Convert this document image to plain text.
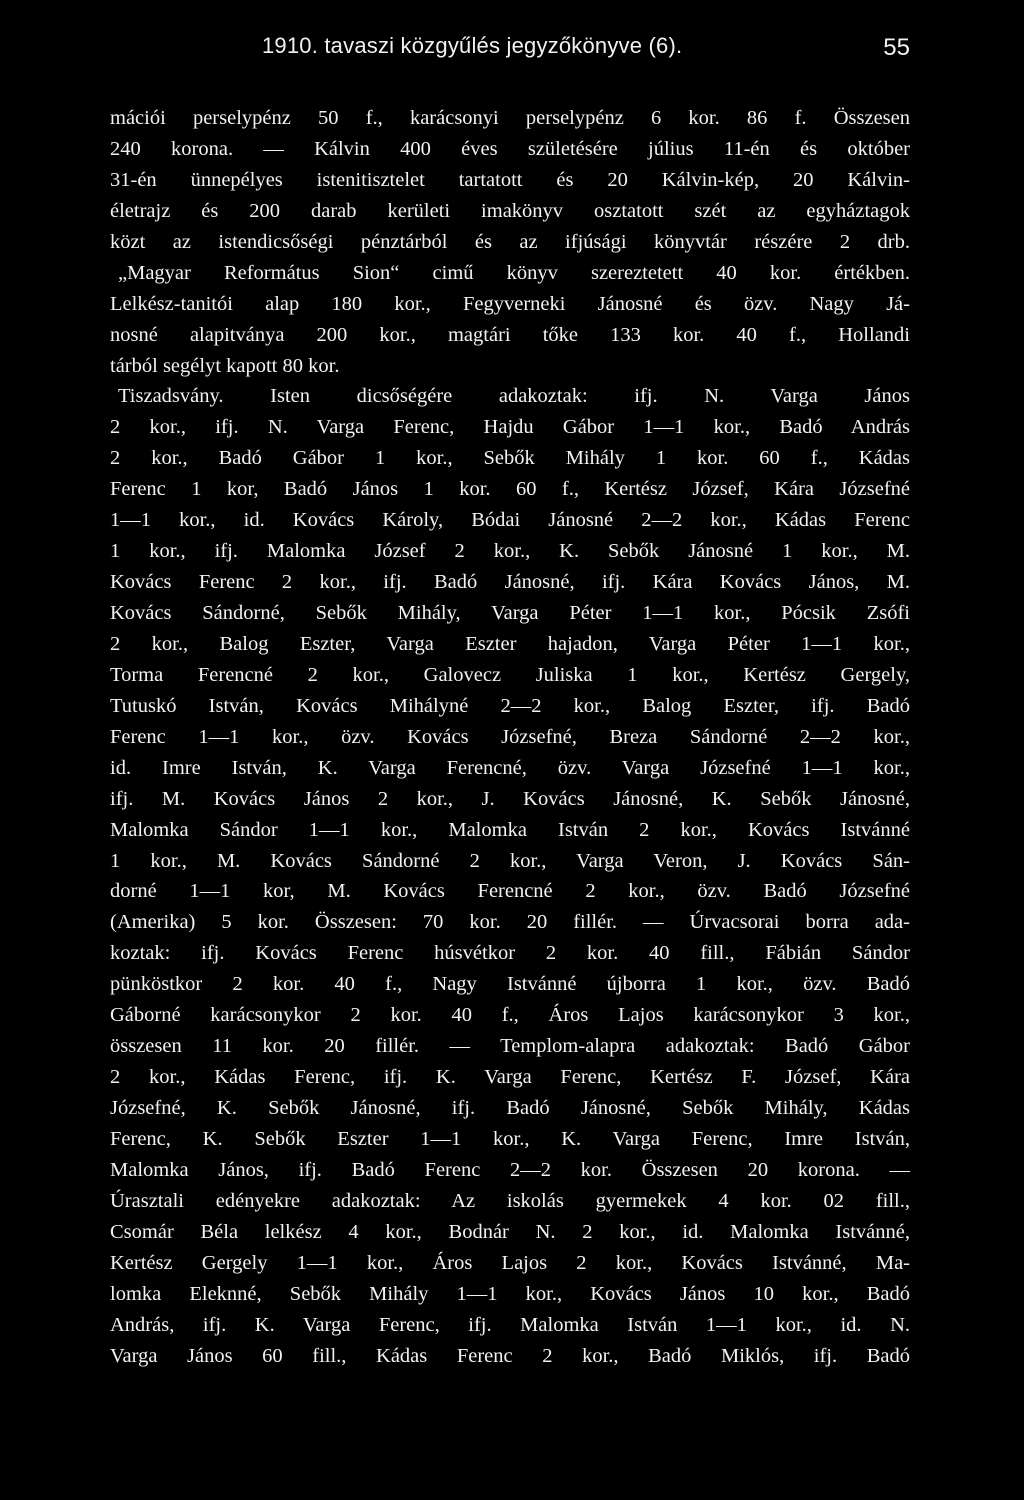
1910. tavaszi közgyűlés jegyzőkönyve (6).	55
mációi perselypénz 50 f., karácsonyi perselypénz 6 kor. 86 f. Összesen
240 korona. — Kálvin 400 éves születésére július 11-én és október
31-én ünnepélyes istenitisztelet tartatott és 20 Kálvin-kép, 20 Kálvin-
életrajz és 200 darab kerületi imakönyv osztatott szét az egyháztagok
közt az istendicsőségi pénztárból és az ifjúsági könyvtár részére 2 drb.
„Magyar Református Sion“ cimű könyv szereztetett 40 kor. értékben.
Lelkész-tanitói alap 180 kor., Fegyverneki Jánosné és özv. Nagy Já-
nosné alapitványa 200 kor., magtári tőke 133 kor. 40 f., Hollandi
tárból segélyt kapott 80 kor.
Tiszadsvány. Isten dicsőségére adakoztak: ifj. N. Varga János
2 kor., ifj. N. Varga Ferenc, Hajdu Gábor 1—1 kor., Badó András
2 kor., Badó Gábor 1 kor., Sebők Mihály 1 kor. 60 f., Kádas
Ferenc 1 kor, Badó János 1 kor. 60 f., Kertész József, Kára Józsefné
1—1 kor., id. Kovács Károly, Bódai Jánosné 2—2 kor., Kádas Ferenc
1 kor., ifj. Malomka József 2 kor., K. Sebők Jánosné 1 kor., M.
Kovács Ferenc 2 kor., ifj. Badó Jánosné, ifj. Kára Kovács János, M.
Kovács Sándorné, Sebők Mihály, Varga Péter 1—1 kor., Pócsik Zsófi
2 kor., Balog Eszter, Varga Eszter hajadon, Varga Péter 1—1 kor.,
Torma Ferencné 2 kor., Galovecz Juliska 1 kor., Kertész Gergely,
Tutuskó István, Kovács Mihályné 2—2 kor., Balog Eszter, ifj. Badó
Ferenc 1—1 kor., özv. Kovács Józsefné, Breza Sándorné 2—2 kor.,
id. Imre István, K. Varga Ferencné, özv. Varga Józsefné 1—1 kor.,
ifj. M. Kovács János 2 kor., J. Kovács Jánosné, K. Sebők Jánosné,
Malomka Sándor 1—1 kor., Malomka István 2 kor., Kovács Istvánné
1 kor., M. Kovács Sándorné 2 kor., Varga Veron, J. Kovács Sán-
dorné 1—1 kor, M. Kovács Ferencné 2 kor., özv. Badó Józsefné
(Amerika) 5 kor. Összesen: 70 kor. 20 fillér. — Úrvacsorai borra ada-
koztak: ifj. Kovács Ferenc húsvétkor 2 kor. 40 fill., Fábián Sándor
pünköstkor 2 kor. 40 f., Nagy Istvánné újborra 1 kor., özv. Badó
Gáborné karácsonykor 2 kor. 40 f., Áros Lajos karácsonykor 3 kor.,
összesen 11 kor. 20 fillér. — Templom-alapra adakoztak: Badó Gábor
2 kor., Kádas Ferenc, ifj. K. Varga Ferenc, Kertész F. József, Kára
Józsefné, K. Sebők Jánosné, ifj. Badó Jánosné, Sebők Mihály, Kádas
Ferenc, K. Sebők Eszter 1—1 kor., K. Varga Ferenc, Imre István,
Malomka János, ifj. Badó Ferenc 2—2 kor. Összesen 20 korona. —
Úrasztali edényekre adakoztak: Az iskolás gyermekek 4 kor. 02 fill.,
Csomár Béla lelkész 4 kor., Bodnár N. 2 kor., id. Malomka Istvánné,
Kertész Gergely 1—1 kor., Áros Lajos 2 kor., Kovács Istvánné, Ma-
lomka Eleknné, Sebők Mihály 1—1 kor., Kovács János 10 kor., Badó
András, ifj. K. Varga Ferenc, ifj. Malomka István 1—1 kor., id. N.
Varga János 60 fill., Kádas Ferenc 2 kor., Badó Miklós, ifj. Badó
